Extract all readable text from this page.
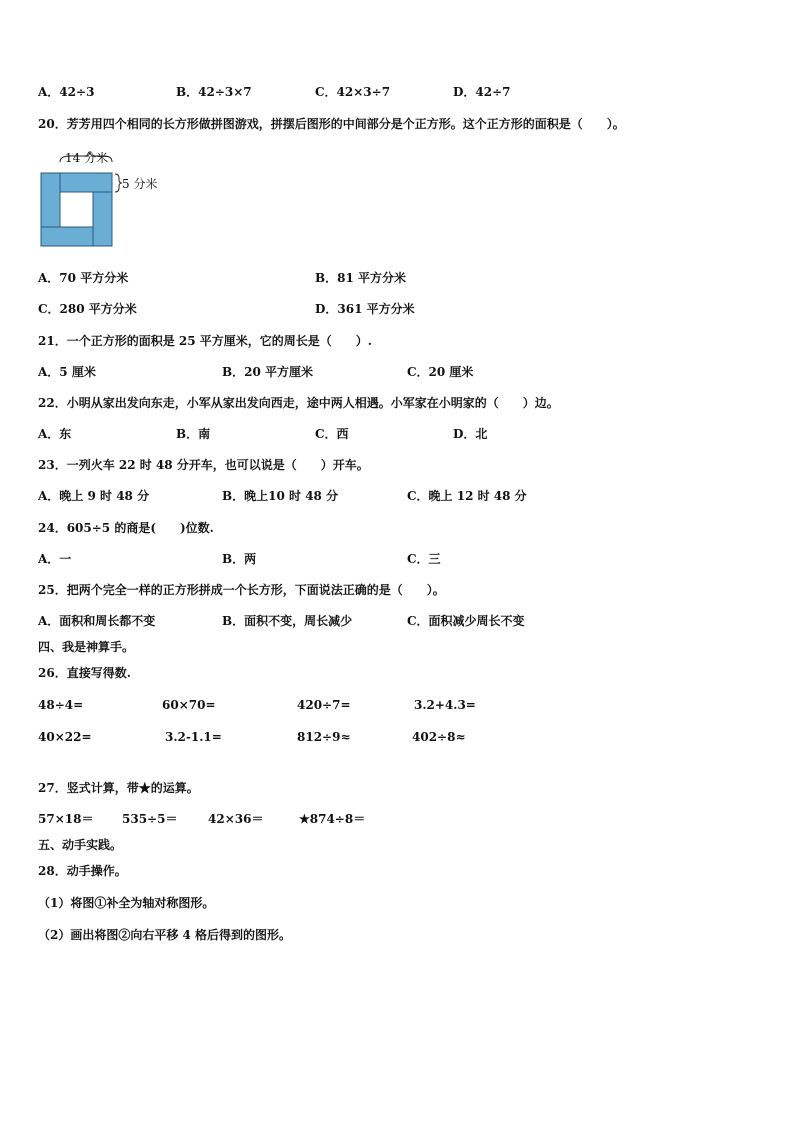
A．42÷3	B．42÷3×7	C．42×3÷7	D．42÷7
20．芳芳用四个相同的长方形做拼图游戏，拼摆后图形的中间部分是个正方形。这个正方形的面积是（　　）。
14 分米
5 分米
A．70 平方分米	B．81 平方分米
C．280 平方分米	D．361 平方分米
21．一个正方形的面积是 25 平方厘米，它的周长是（　　）.
A．5 厘米	B．20 平方厘米	C．20 厘米
22．小明从家出发向东走，小军从家出发向西走，途中两人相遇。小军家在小明家的（　　）边。
A．东	B．南	C．西	D．北
23．一列火车 22 时 48 分开车，也可以说是（　　）开车。
A．晚上 9 时 48 分	B．晚上10 时 48 分	C．晚上 12 时 48 分
24．605÷5 的商是(　　)位数.
A．一	B．两	C．三
25．把两个完全一样的正方形拼成一个长方形，下面说法正确的是（　　）。
A．面积和周长都不变	B．面积不变，周长减少	C．面积减少周长不变
四、我是神算手。
26．直接写得数.
48÷4=	60×70=	420÷7=	3.2+4.3=
40×22=	3.2-1.1=	812÷9≈	402÷8≈
27．竖式计算，带★的运算。
57×18＝ 535÷5＝	42×36＝	★874÷8＝
五、动手实践。
28．动手操作。
（1）将图①补全为轴对称图形。
（2）画出将图②向右平移 4 格后得到的图形。
